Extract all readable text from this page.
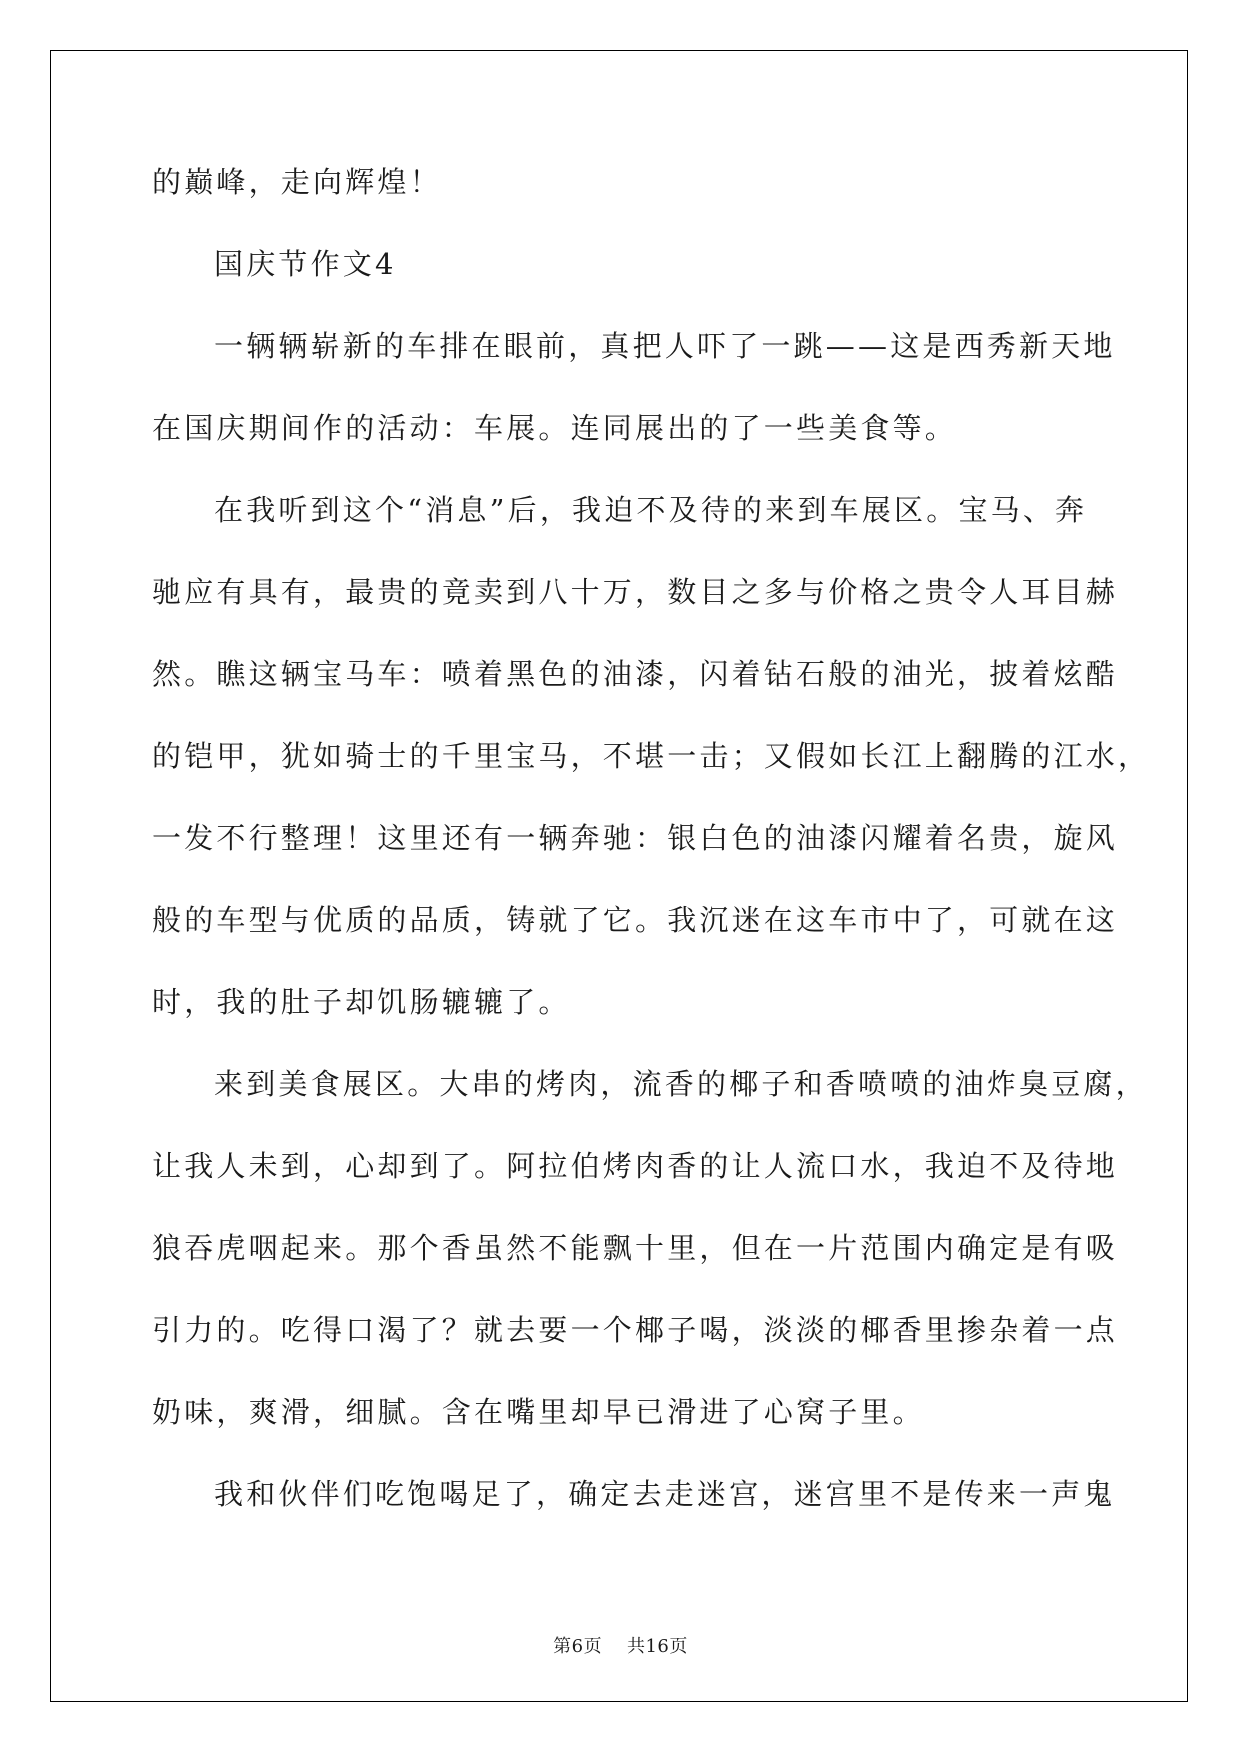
的巅峰，走向辉煌！
国庆节作文4
一辆辆崭新的车排在眼前，真把人吓了一跳——这是西秀新天地
在国庆期间作的活动：车展。连同展出的了一些美食等。
在我听到这个“消息”后，我迫不及待的来到车展区。宝马、奔
驰应有具有，最贵的竟卖到八十万，数目之多与价格之贵令人耳目赫
然。瞧这辆宝马车：喷着黑色的油漆，闪着钻石般的油光，披着炫酷
的铠甲，犹如骑士的千里宝马，不堪一击；又假如长江上翻腾的江水，
一发不行整理！这里还有一辆奔驰：银白色的油漆闪耀着名贵，旋风
般的车型与优质的品质，铸就了它。我沉迷在这车市中了，可就在这
时，我的肚子却饥肠辘辘了。
来到美食展区。大串的烤肉，流香的椰子和香喷喷的油炸臭豆腐，
让我人未到，心却到了。阿拉伯烤肉香的让人流口水，我迫不及待地
狼吞虎咽起来。那个香虽然不能飘十里，但在一片范围内确定是有吸
引力的。吃得口渴了？就去要一个椰子喝，淡淡的椰香里掺杂着一点
奶味，爽滑，细腻。含在嘴里却早已滑进了心窝子里。
我和伙伴们吃饱喝足了，确定去走迷宫，迷宫里不是传来一声鬼
第6页 共16页
